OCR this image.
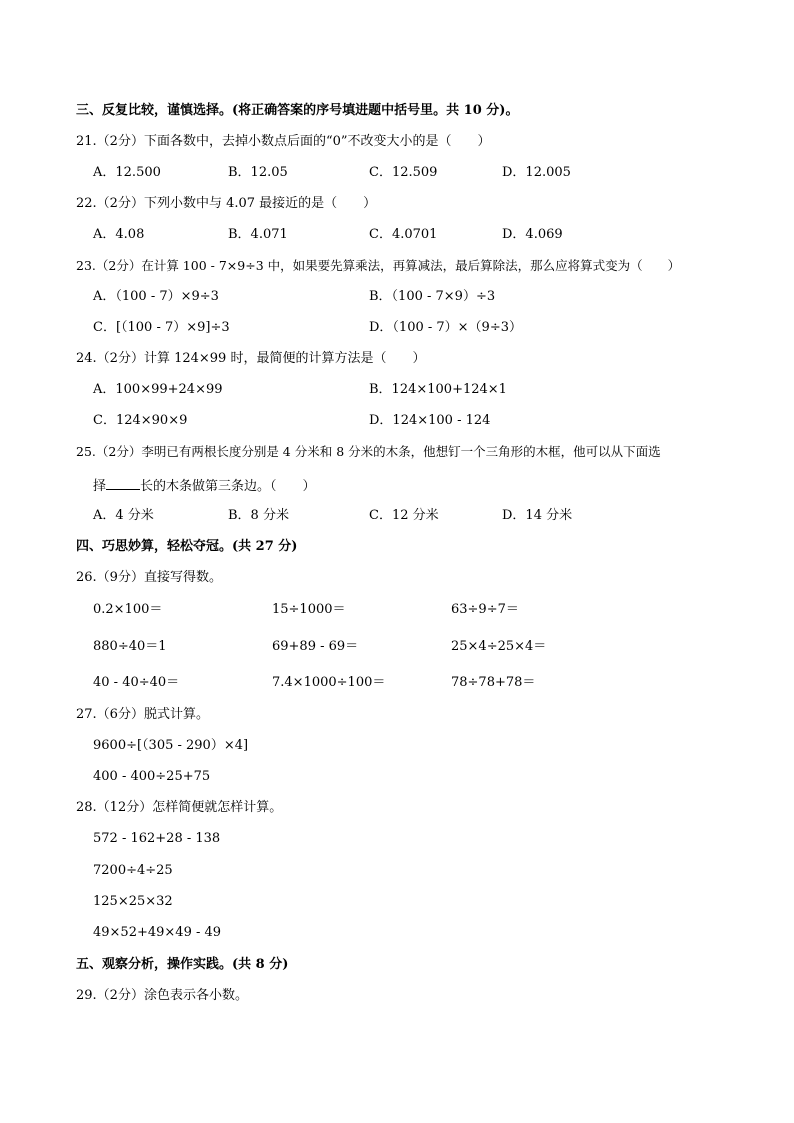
三、反复比较，谨慎选择。(将正确答案的序号填进题中括号里。共 10 分)。
21.（2分）下面各数中，去掉小数点后面的“0”不改变大小的是（　　）
A．12.500	B．12.05	C．12.509	D．12.005
22.（2分）下列小数中与 4.07 最接近的是（　　）
A．4.08	B．4.071	C．4.0701	D．4.069
23.（2分）在计算 100 - 7×9÷3 中，如果要先算乘法，再算减法，最后算除法，那么应将算式变为（　　）
A．（100 - 7）×9÷3	B．（100 - 7×9）÷3
C．[（100 - 7）×9]÷3	D．（100 - 7）×（9÷3）
24.（2分）计算 124×99 时，最简便的计算方法是（　　）
A．100×99+24×99	B．124×100+124×1
C．124×90×9	D．124×100 - 124
25.（2分）李明已有两根长度分别是 4 分米和 8 分米的木条，他想钉一个三角形的木框，他可以从下面选
择	长的木条做第三条边。（　　）
A．4 分米	B．8 分米	C．12 分米	D．14 分米
四、巧思妙算，轻松夺冠。(共 27 分)
26.（9分）直接写得数。
0.2×100＝	15÷1000＝	63÷9÷7＝
880÷40＝1	69+89 - 69＝	25×4÷25×4＝
40 - 40÷40＝	7.4×1000÷100＝	78÷78+78＝
27.（6分）脱式计算。
9600÷[（305 - 290）×4]
400 - 400÷25+75
28.（12分）怎样简便就怎样计算。
572 - 162+28 - 138
7200÷4÷25
125×25×32
49×52+49×49 - 49
五、观察分析，操作实践。(共 8 分)
29.（2分）涂色表示各小数。
